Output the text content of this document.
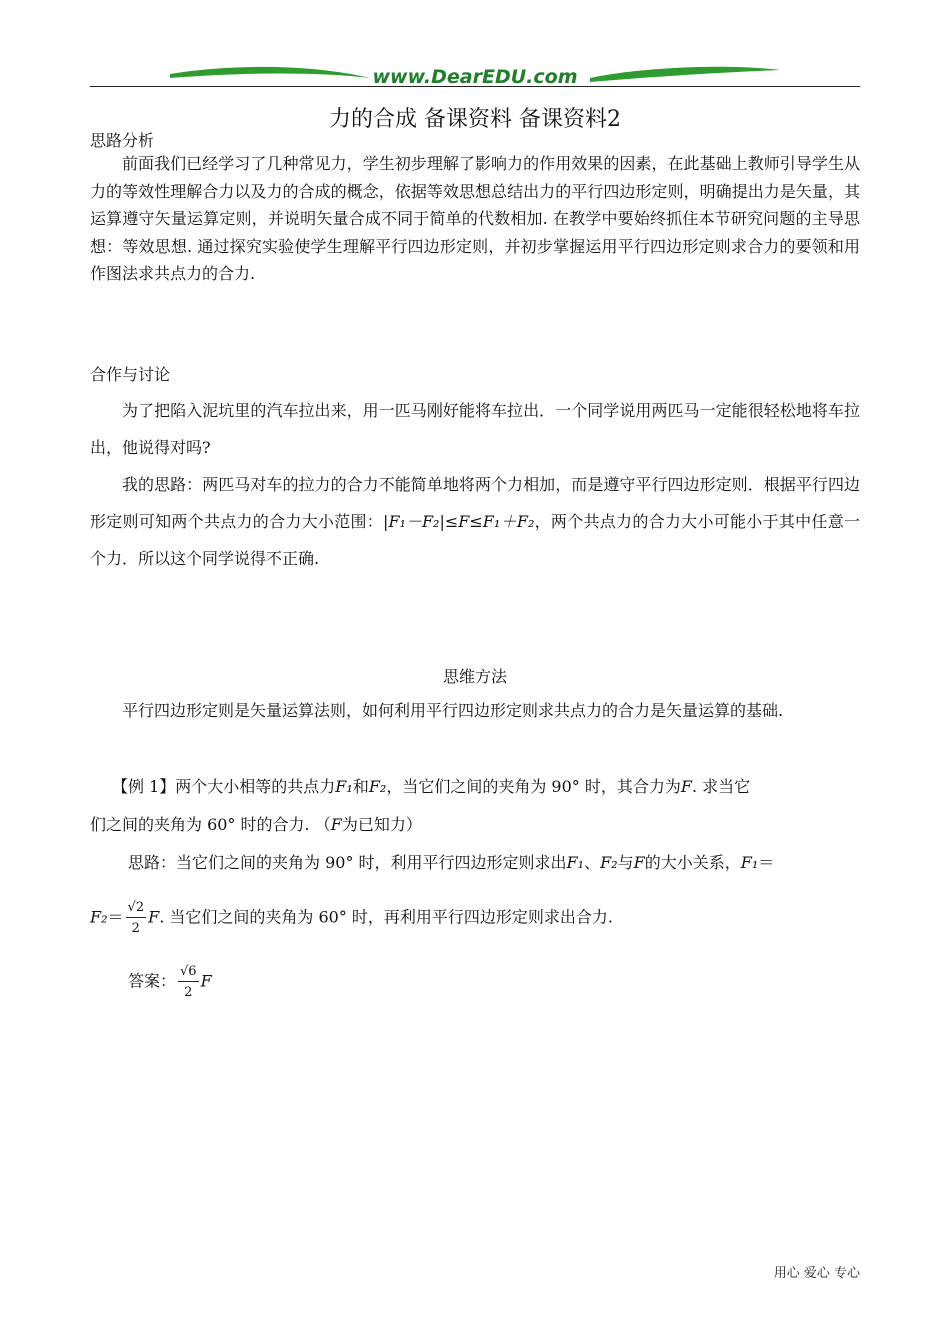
www.DearEDU.com
力的合成 备课资料 备课资料2
思路分析
前面我们已经学习了几种常见力，学生初步理解了影响力的作用效果的因素，在此基础上教师引导学生从力的等效性理解合力以及力的合成的概念，依据等效思想总结出力的平行四边形定则，明确提出力是矢量，其运算遵守矢量运算定则，并说明矢量合成不同于简单的代数相加. 在教学中要始终抓住本节研究问题的主导思想：等效思想. 通过探究实验使学生理解平行四边形定则，并初步掌握运用平行四边形定则求合力的要领和用作图法求共点力的合力.
合作与讨论
为了把陷入泥坑里的汽车拉出来，用一匹马刚好能将车拉出．一个同学说用两匹马一定能很轻松地将车拉出，他说得对吗?
我的思路：两匹马对车的拉力的合力不能简单地将两个力相加，而是遵守平行四边形定则．根据平行四边形定则可知两个共点力的合力大小范围：|F₁－F₂|≤F≤F₁＋F₂，两个共点力的合力大小可能小于其中任意一个力．所以这个同学说得不正确.
思维方法
平行四边形定则是矢量运算法则，如何利用平行四边形定则求共点力的合力是矢量运算的基础.
【例 1】两个大小相等的共点力F₁和F₂，当它们之间的夹角为 90° 时，其合力为F. 求当它
们之间的夹角为 60° 时的合力. （F为已知力）
思路：当它们之间的夹角为 90° 时，利用平行四边形定则求出F₁、F₂与F的大小关系，F₁＝
$F_2= \frac{√2}{2} F$. 当它们之间的夹角为 60° 时，再利用平行四边形定则求出合力.
答案： $\frac{√6}{2}$ F
用心 爱心 专心
